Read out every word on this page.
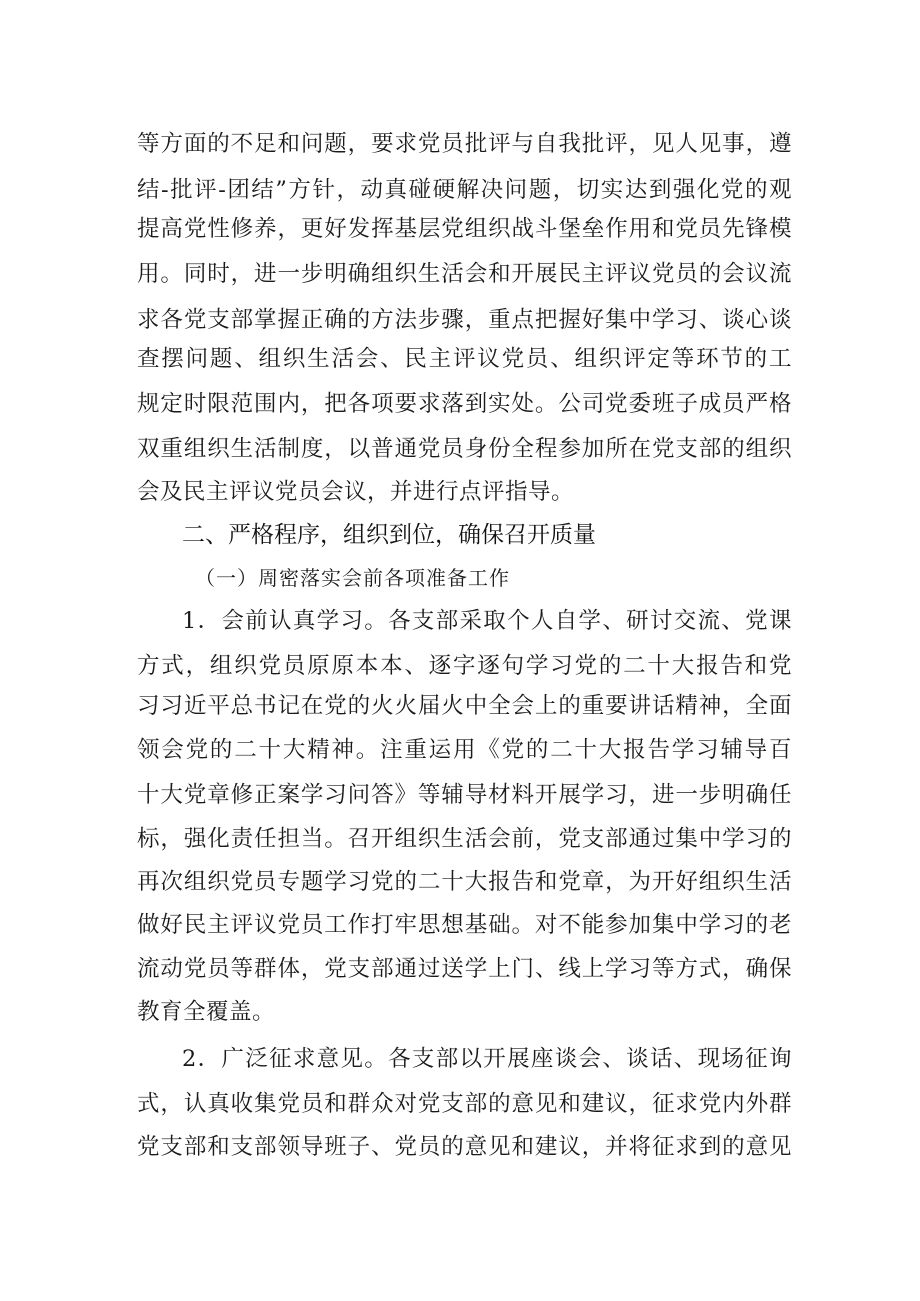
等方面的不足和问题，要求党员批评与自我批评，见人见事，遵
结-批评-团结”方针，动真碰硬解决问题，切实达到强化党的观
提高党性修养，更好发挥基层党组织战斗堡垒作用和党员先锋模
用。同时，进一步明确组织生活会和开展民主评议党员的会议流
求各党支部掌握正确的方法步骤，重点把握好集中学习、谈心谈
查摆问题、组织生活会、民主评议党员、组织评定等环节的工
规定时限范围内，把各项要求落到实处。公司党委班子成员严格
双重组织生活制度，以普通党员身份全程参加所在党支部的组织
会及民主评议党员会议，并进行点评指导。
二、严格程序，组织到位，确保召开质量
（一）周密落实会前各项准备工作
1．会前认真学习。各支部采取个人自学、研讨交流、党课
方式，组织党员原原本本、逐字逐句学习党的二十大报告和党
习习近平总书记在党的火火届火中全会上的重要讲话精神，全面
领会党的二十大精神。注重运用《党的二十大报告学习辅导百
十大党章修正案学习问答》等辅导材料开展学习，进一步明确任
标，强化责任担当。召开组织生活会前，党支部通过集中学习的
再次组织党员专题学习党的二十大报告和党章，为开好组织生活
做好民主评议党员工作打牢思想基础。对不能参加集中学习的老
流动党员等群体，党支部通过送学上门、线上学习等方式，确保
教育全覆盖。
2．广泛征求意见。各支部以开展座谈会、谈话、现场征询
式，认真收集党员和群众对党支部的意见和建议，征求党内外群
党支部和支部领导班子、党员的意见和建议，并将征求到的意见
